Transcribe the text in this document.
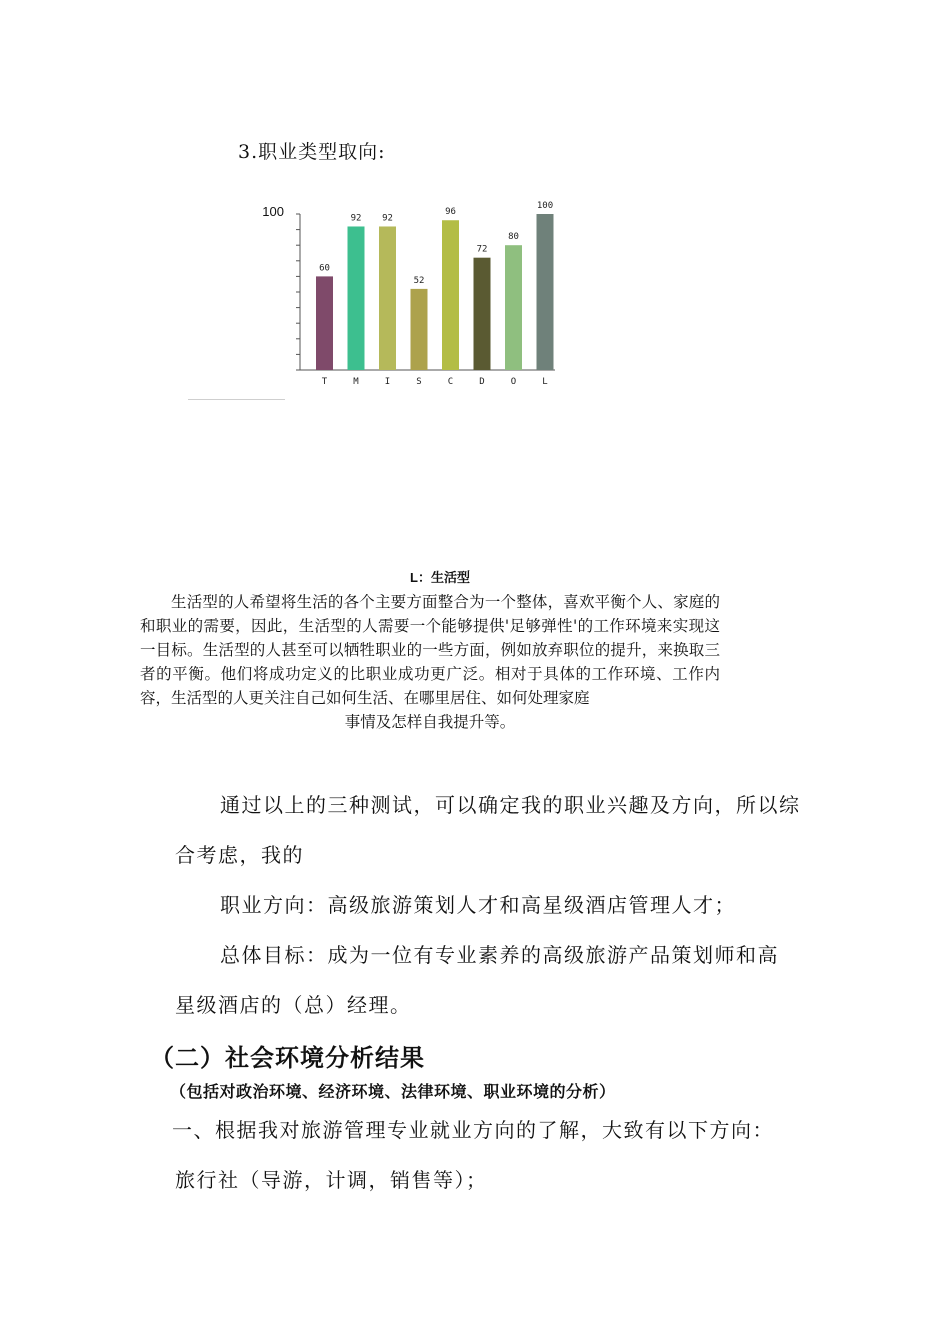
3.职业类型取向:
100
60
T
92
M
92
I
52
S
96
C
72
D
80
O
100
L
L：生活型
生活型的人希望将生活的各个主要方面整合为一个整体，喜欢平衡个人、家庭的和职业的需要，因此，生活型的人需要一个能够提供'足够弹性'的工作环境来实现这一目标。生活型的人甚至可以牺牲职业的一些方面，例如放弃职位的提升，来换取三者的平衡。他们将成功定义的比职业成功更广泛。相对于具体的工作环境、工作内容，生活型的人更关注自己如何生活、在哪里居住、如何处理家庭
事情及怎样自我提升等。
通过以上的三种测试，可以确定我的职业兴趣及方向，所以综
合考虑，我的
职业方向：高级旅游策划人才和高星级酒店管理人才；
总体目标：成为一位有专业素养的高级旅游产品策划师和高
星级酒店的（总）经理。
（二）社会环境分析结果
（包括对政治环境、经济环境、法律环境、职业环境的分析）
一、根据我对旅游管理专业就业方向的了解，大致有以下方向：
旅行社（导游，计调，销售等）；
